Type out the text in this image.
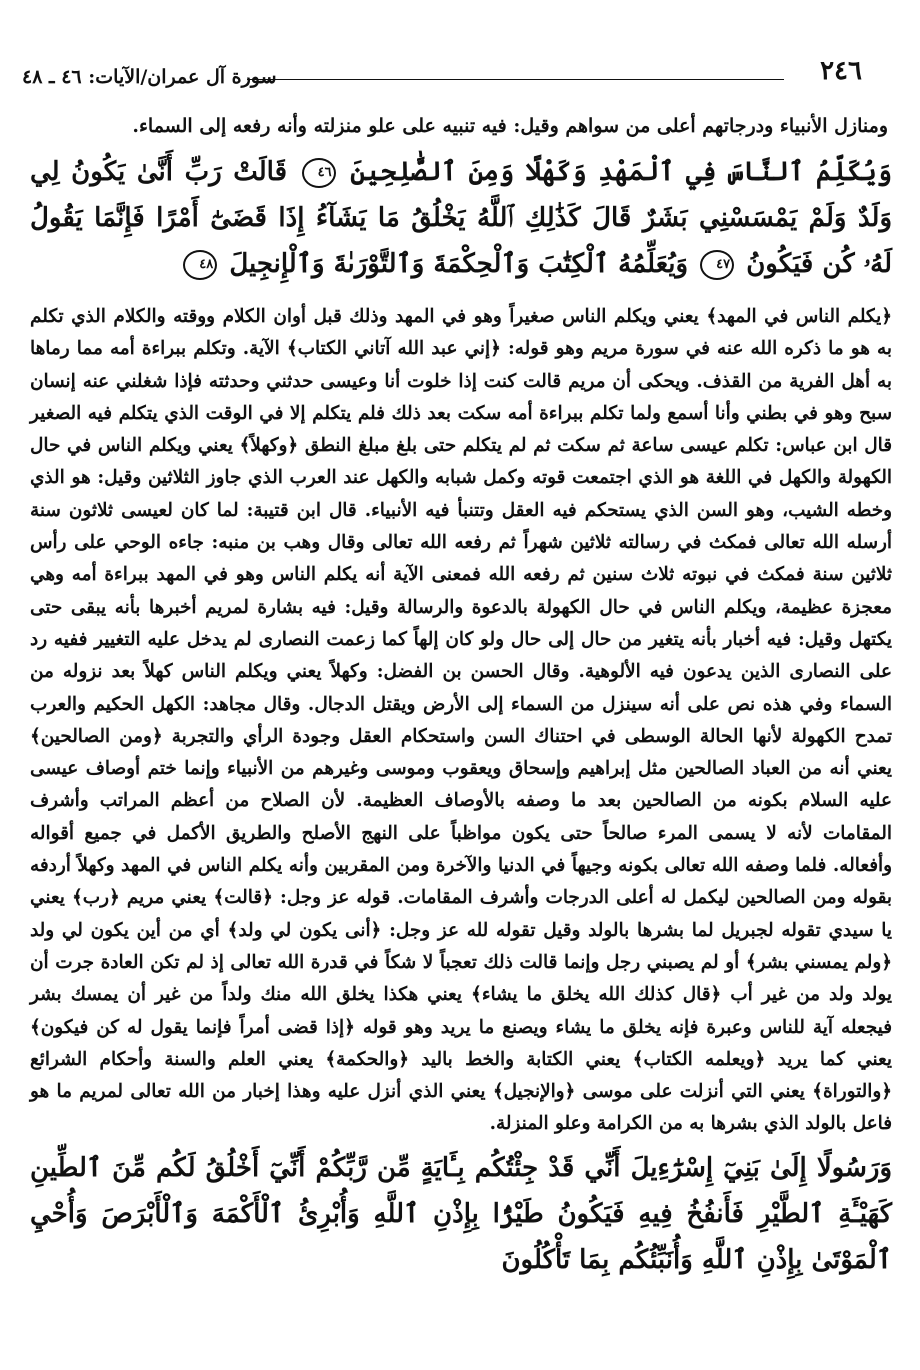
٢٤٦
سورة آل عمران/الآيات: ٤٦ ـ ٤٨

ومنازل الأنبياء ودرجاتهم أعلى من سواهم وقيل: فيه تنبيه على علو منزلته وأنه رفعه إلى السماء.

وَيُكَلِّمُ ٱلنَّاسَ فِي ٱلْمَهْدِ وَكَهْلًا وَمِنَ ٱلصَّٰلِحِينَ ٤٦ قَالَتْ رَبِّ أَنَّىٰ يَكُونُ لِي وَلَدٌ وَلَمْ يَمْسَسْنِي بَشَرٌ قَالَ كَذَٰلِكِ ٱللَّهُ يَخْلُقُ مَا يَشَآءُ إِذَا قَضَىٰٓ أَمْرًا فَإِنَّمَا يَقُولُ لَهُۥ كُن فَيَكُونُ ٤٧ وَيُعَلِّمُهُ ٱلْكِتَٰبَ وَٱلْحِكْمَةَ وَٱلتَّوْرَىٰةَ وَٱلْإِنجِيلَ ٤٨

﴿يكلم الناس في المهد﴾ يعني ويكلم الناس صغيراً وهو في المهد وذلك قبل أوان الكلام ووقته والكلام الذي تكلم به هو ما ذكره الله عنه في سورة مريم وهو قوله: ﴿إني عبد الله آتاني الكتاب﴾ الآية. وتكلم ببراءة أمه مما رماها به أهل الفرية من القذف. ويحكى أن مريم قالت كنت إذا خلوت أنا وعيسى حدثني وحدثته فإذا شغلني عنه إنسان سبح وهو في بطني وأنا أسمع ولما تكلم ببراءة أمه سكت بعد ذلك فلم يتكلم إلا في الوقت الذي يتكلم فيه الصغير قال ابن عباس: تكلم عيسى ساعة ثم سكت ثم لم يتكلم حتى بلغ مبلغ النطق ﴿وكهلاً﴾ يعني ويكلم الناس في حال الكهولة والكهل في اللغة هو الذي اجتمعت قوته وكمل شبابه والكهل عند العرب الذي جاوز الثلاثين وقيل: هو الذي وخطه الشيب، وهو السن الذي يستحكم فيه العقل وتتنبأ فيه الأنبياء. قال ابن قتيبة: لما كان لعيسى ثلاثون سنة أرسله الله تعالى فمكث في رسالته ثلاثين شهراً ثم رفعه الله تعالى وقال وهب بن منبه: جاءه الوحي على رأس ثلاثين سنة فمكث في نبوته ثلاث سنين ثم رفعه الله فمعنى الآية أنه يكلم الناس وهو في المهد ببراءة أمه وهي معجزة عظيمة، ويكلم الناس في حال الكهولة بالدعوة والرسالة وقيل: فيه بشارة لمريم أخبرها بأنه يبقى حتى يكتهل وقيل: فيه أخبار بأنه يتغير من حال إلى حال ولو كان إلهاً كما زعمت النصارى لم يدخل عليه التغيير ففيه رد على النصارى الذين يدعون فيه الألوهية. وقال الحسن بن الفضل: وكهلاً يعني ويكلم الناس كهلاً بعد نزوله من السماء وفي هذه نص على أنه سينزل من السماء إلى الأرض ويقتل الدجال. وقال مجاهد: الكهل الحكيم والعرب تمدح الكهولة لأنها الحالة الوسطى في احتناك السن واستحكام العقل وجودة الرأي والتجربة ﴿ومن الصالحين﴾ يعني أنه من العباد الصالحين مثل إبراهيم وإسحاق ويعقوب وموسى وغيرهم من الأنبياء وإنما ختم أوصاف عيسى عليه السلام بكونه من الصالحين بعد ما وصفه بالأوصاف العظيمة. لأن الصلاح من أعظم المراتب وأشرف المقامات لأنه لا يسمى المرء صالحاً حتى يكون مواظباً على النهج الأصلح والطريق الأكمل في جميع أقواله وأفعاله. فلما وصفه الله تعالى بكونه وجيهاً في الدنيا والآخرة ومن المقربين وأنه يكلم الناس في المهد وكهلاً أردفه بقوله ومن الصالحين ليكمل له أعلى الدرجات وأشرف المقامات. قوله عز وجل: ﴿قالت﴾ يعني مريم ﴿رب﴾ يعني يا سيدي تقوله لجبريل لما بشرها بالولد وقيل تقوله لله عز وجل: ﴿أنى يكون لي ولد﴾ أي من أين يكون لي ولد ﴿ولم يمسني بشر﴾ أو لم يصبني رجل وإنما قالت ذلك تعجباً لا شكاً في قدرة الله تعالى إذ لم تكن العادة جرت أن يولد ولد من غير أب ﴿قال كذلك الله يخلق ما يشاء﴾ يعني هكذا يخلق الله منك ولداً من غير أن يمسك بشر فيجعله آية للناس وعبرة فإنه يخلق ما يشاء ويصنع ما يريد وهو قوله ﴿إذا قضى أمراً فإنما يقول له كن فيكون﴾ يعني كما يريد ﴿ويعلمه الكتاب﴾ يعني الكتابة والخط باليد ﴿والحكمة﴾ يعني العلم والسنة وأحكام الشرائع ﴿والتوراة﴾ يعني التي أنزلت على موسى ﴿والإنجيل﴾ يعني الذي أنزل عليه وهذا إخبار من الله تعالى لمريم ما هو فاعل بالولد الذي بشرها به من الكرامة وعلو المنزلة.

وَرَسُولًا إِلَىٰ بَنِيٓ إِسْرَٰٓءِيلَ أَنِّي قَدْ جِئْتُكُم بِـَٔايَةٍ مِّن رَّبِّكُمْ أَنِّيٓ أَخْلُقُ لَكُم مِّنَ ٱلطِّينِ كَهَيْـَٔةِ ٱلطَّيْرِ فَأَنفُخُ فِيهِ فَيَكُونُ طَيْرًۢا بِإِذْنِ ٱللَّهِ وَأُبْرِئُ ٱلْأَكْمَهَ وَٱلْأَبْرَصَ وَأُحْيِ ٱلْمَوْتَىٰ بِإِذْنِ ٱللَّهِ وَأُنَبِّئُكُم بِمَا تَأْكُلُونَ
